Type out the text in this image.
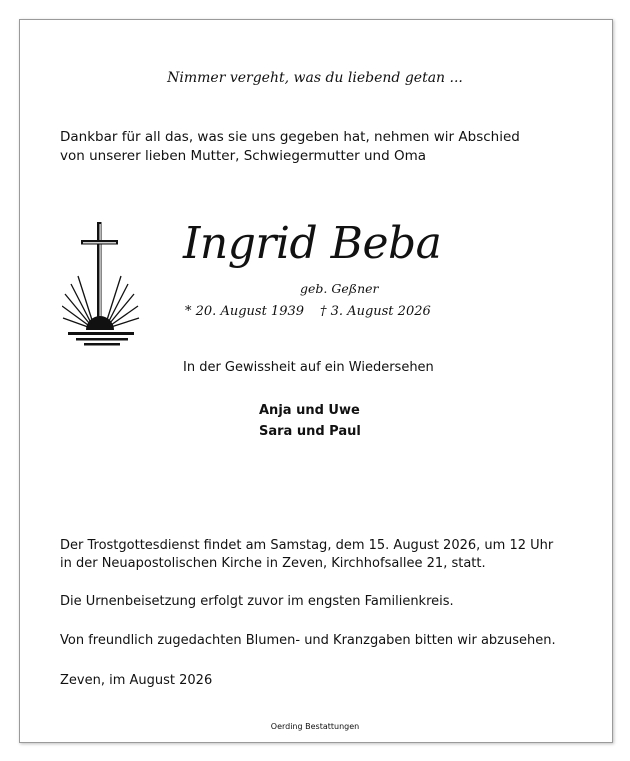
Nimmer vergeht, was du liebend getan ...
Dankbar für all das, was sie uns gegeben hat, nehmen wir Abschied
von unserer lieben Mutter, Schwiegermutter und Oma
Ingrid Beba
geb. Geßner
* 20. August 1939 † 3. August 2026
In der Gewissheit auf ein Wiedersehen
Anja und Uwe
Sara und Paul
Der Trostgottesdienst findet am Samstag, dem 15. August 2026, um 12 Uhr
in der Neuapostolischen Kirche in Zeven, Kirchhofsallee 21, statt.
Die Urnenbeisetzung erfolgt zuvor im engsten Familienkreis.
Von freundlich zugedachten Blumen- und Kranzgaben bitten wir abzusehen.
Zeven, im August 2026
Oerding Bestattungen
